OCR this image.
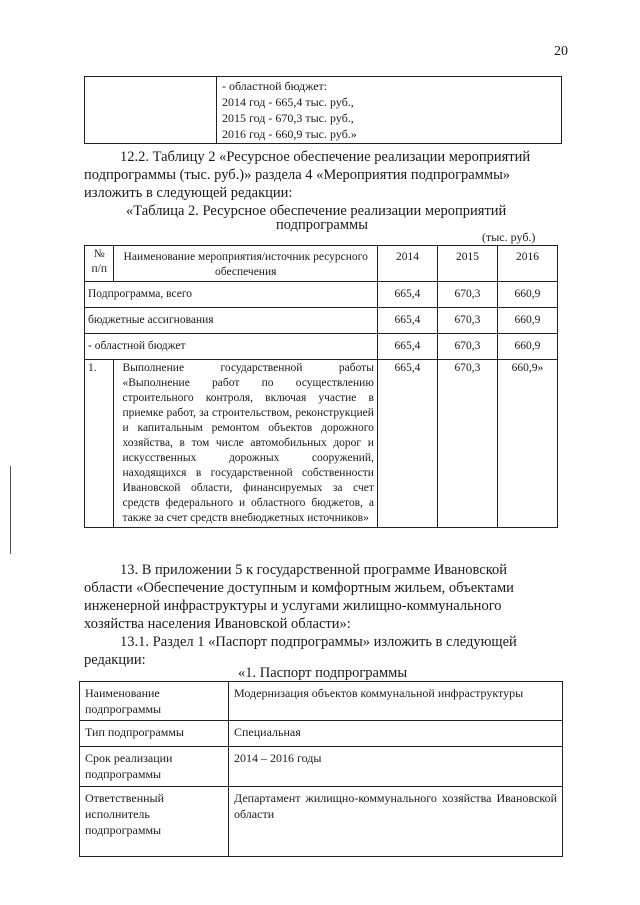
20

- областной бюджет:
2014 год - 665,4 тыс. руб.,
2015 год - 670,3 тыс. руб.,
2016 год - 660,9 тыс. руб.»
12.2. Таблицу 2 «Ресурсное обеспечение реализации мероприятий
подпрограммы (тыс. руб.)» раздела 4 «Мероприятия подпрограммы»
изложить в следующей редакции:
«Таблица 2. Ресурсное обеспечение реализации мероприятий
подпрограммы
(тыс. руб.)
№ п/п	Наименование мероприятия/источник ресурсного обеспечения	2014	2015	2016
Подпрограмма, всего		665,4	670,3	660,9
бюджетные ассигнования		665,4	670,3	660,9
- областной бюджет		665,4	670,3	660,9
1.	Выполнение государственной работы «Выполнение работ по осуществлению строительного контроля, включая участие в приемке работ, за строительством, реконструкцией и капитальным ремонтом объектов дорожного хозяйства, в том числе автомобильных дорог и искусственных дорожных сооружений, находящихся в государственной собственности Ивановской области, финансируемых за счет средств федерального и областного бюджетов, а также за счет средств внебюджетных источников»	665,4	670,3	660,9»
13. В приложении 5 к государственной программе Ивановской
области «Обеспечение доступным и комфортным жильем, объектами
инженерной инфраструктуры и услугами жилищно-коммунального
хозяйства населения Ивановской области»:
13.1. Раздел 1 «Паспорт подпрограммы» изложить в следующей
редакции:
«1. Паспорт подпрограммы
Наименование подпрограммы	Модернизация объектов коммунальной инфраструктуры
Тип подпрограммы	Специальная
Срок реализации подпрограммы	2014 – 2016 годы
Ответственный исполнитель подпрограммы	Департамент жилищно-коммунального хозяйства Ивановской области
